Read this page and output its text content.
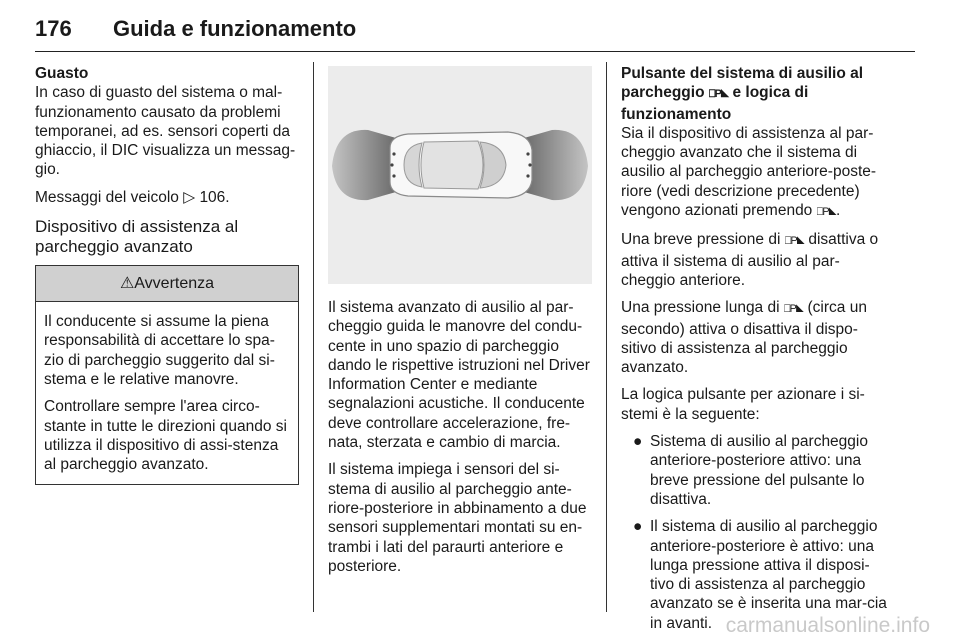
176 Guida e funzionamento
Guasto

In caso di guasto del sistema o mal-funzionamento causato da problemi temporanei, ad es. sensori coperti da ghiaccio, il DIC visualizza un messag-gio.

Messaggi del veicolo ▷ 106.

Dispositivo di assistenza al parcheggio avanzato
⚠Avvertenza

Il conducente si assume la piena responsabilità di accettare lo spa-zio di parcheggio suggerito dal si-stema e le relative manovre.

Controllare sempre l'area circo-stante in tutte le direzioni quando si utilizza il dispositivo di assi-stenza al parcheggio avanzato.

Il sistema avanzato di ausilio al par-cheggio guida le manovre del condu-cente in uno spazio di parcheggio dando le rispettive istruzioni nel Driver Information Center e mediante segnalazioni acustiche. Il conducente deve controllare accelerazione, fre-nata, sterzata e cambio di marcia.

Il sistema impiega i sensori del si-stema di ausilio al parcheggio ante-riore-posteriore in abbinamento a due sensori supplementari montati su en-trambi i lati del paraurti anteriore e posteriore.

Pulsante del sistema di ausilio al parcheggio ⎕P◣ e logica di funzionamento

Sia il dispositivo di assistenza al par-cheggio avanzato che il sistema di ausilio al parcheggio anteriore-poste-riore (vedi descrizione precedente) vengono azionati premendo ⎕P◣.

Una breve pressione di ⎕P◣ disattiva o attiva il sistema di ausilio al par-cheggio anteriore.

Una pressione lunga di ⎕P◣ (circa un secondo) attiva o disattiva il dispo-sitivo di assistenza al parcheggio avanzato.

La logica pulsante per azionare i si-stemi è la seguente:

● Sistema di ausilio al parcheggio anteriore-posteriore attivo: una breve pressione del pulsante lo disattiva.
● Il sistema di ausilio al parcheggio anteriore-posteriore è attivo: una lunga pressione attiva il disposi-tivo di assistenza al parcheggio avanzato se è inserita una mar-cia in avanti. carmanualsonline.info
